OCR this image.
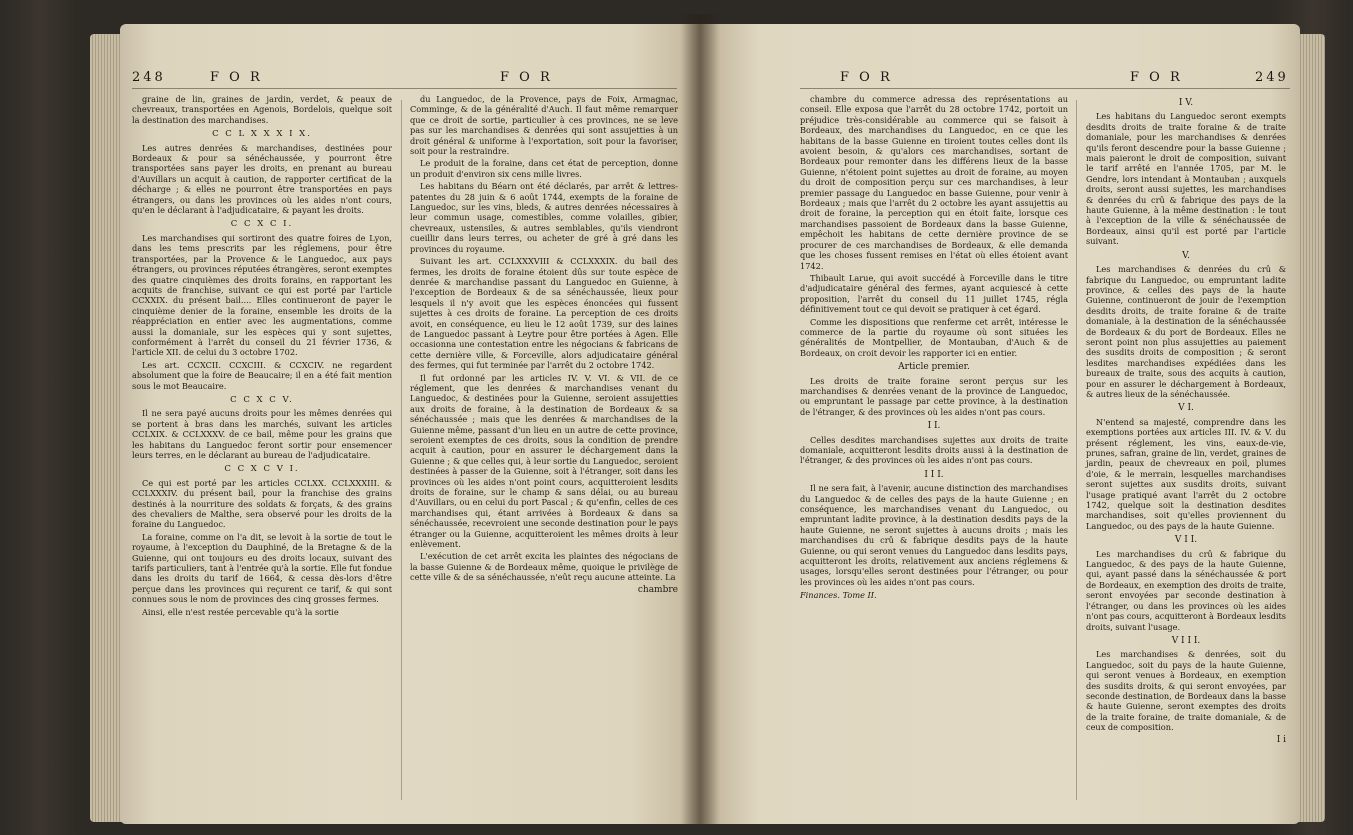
248	F O R	F O R

graine de lin, graines de jardin, verdet, & peaux de chevreaux, transportées en Agenois, Bordelois, quelque soit la destination des marchandises.

C C L X X X I X.

Les autres denrées & marchandises, destinées pour Bordeaux & pour sa sénéchaussée, y pourront être transportées sans payer les droits, en prenant au bureau d'Auvillars un acquit à caution, de rapporter certificat de la décharge ; & elles ne pourront être transportées en pays étrangers, ou dans les provinces où les aides n'ont cours, qu'en le déclarant à l'adjudicataire, & payant les droits.

C C X C I.

Les marchandises qui sortiront des quatre foires de Lyon, dans les tems prescrits par les réglemens, pour être transportées, par la Provence & le Languedoc, aux pays étrangers, ou provinces réputées étrangères, seront exemptes des quatre cinquièmes des droits forains, en rapportant les acquits de franchise, suivant ce qui est porté par l'article CCXXIX. du présent bail.... Elles continueront de payer le cinquième denier de la foraine, ensemble les droits de la réappréciation en entier avec les augmentations, comme aussi la domaniale, sur les espèces qui y sont sujettes, conformément à l'arrêt du conseil du 21 février 1736, & l'article XII. de celui du 3 octobre 1702.

Les art. CCXCII. CCXCIII. & CCXCIV. ne regardent absolument que la foire de Beaucaire; il en a été fait mention sous le mot Beaucaire.

C C X C V.

Il ne sera payé aucuns droits pour les mêmes denrées qui se portent à bras dans les marchés, suivant les articles CCLXIX. & CCLXXXV. de ce bail, même pour les grains que les habitans du Languedoc feront sortir pour ensemencer leurs terres, en le déclarant au bureau de l'adjudicataire.

C C X C V I.

Ce qui est porté par les articles CCLXX. CCLXXXIII. & CCLXXXIV. du présent bail, pour la franchise des grains destinés à la nourriture des soldats & forçats, & des grains des chevaliers de Malthe, sera observé pour les droits de la foraine du Languedoc.

La foraine, comme on l'a dit, se levoit à la sortie de tout le royaume, à l'exception du Dauphiné, de la Bretagne & de la Guienne, qui ont toujours eu des droits locaux, suivant des tarifs particuliers, tant à l'entrée qu'à la sortie. Elle fut fondue dans les droits du tarif de 1664, & cessa dès-lors d'être perçue dans les provinces qui reçurent ce tarif, & qui sont connues sous le nom de provinces des cinq grosses fermes.

Ainsi, elle n'est restée percevable qu'à la sortie

du Languedoc, de la Provence, pays de Foix, Armagnac, Comminge, & de la généralité d'Auch. Il faut même remarquer que ce droit de sortie, particulier à ces provinces, ne se leve pas sur les marchandises & denrées qui sont assujetties à un droit général & uniforme à l'exportation, soit pour la favoriser, soit pour la restraindre.

Le produit de la foraine, dans cet état de perception, donne un produit d'environ six cens mille livres.

Les habitans du Béarn ont été déclarés, par arrêt & lettres-patentes du 28 juin & 6 août 1744, exempts de la foraine de Languedoc, sur les vins, bleds, & autres denrées nécessaires à leur commun usage, comestibles, comme volailles, gibier, chevreaux, ustensiles, & autres semblables, qu'ils viendront cueillir dans leurs terres, ou acheter de gré à gré dans les provinces du royaume.

Suivant les art. CCLXXXVIII & CCLXXXIX. du bail des fermes, les droits de foraine étoient dûs sur toute espèce de denrée & marchandise passant du Languedoc en Guienne, à l'exception de Bordeaux & de sa sénéchaussée, lieux pour lesquels il n'y avoit que les espèces énoncées qui fussent sujettes à ces droits de foraine. La perception de ces droits avoit, en conséquence, eu lieu le 12 août 1739, sur des laines de Languedoc passant à Leytre pour être portées à Agen. Elle occasionna une contestation entre les négocians & fabricans de cette dernière ville, & Forceville, alors adjudicataire général des fermes, qui fut terminée par l'arrêt du 2 octobre 1742.

Il fut ordonné par les articles IV. V. VI. & VII. de ce réglement, que les denrées & marchandises venant du Languedoc, & destinées pour la Guienne, seroient assujetties aux droits de foraine, à la destination de Bordeaux & sa sénéchaussée ; mais que les denrées & marchandises de la Guienne même, passant d'un lieu en un autre de cette province, seroient exemptes de ces droits, sous la condition de prendre acquit à caution, pour en assurer le déchargement dans la Guienne ; & que celles qui, à leur sortie du Languedoc, seroient destinées à passer de la Guienne, soit à l'étranger, soit dans les provinces où les aides n'ont point cours, acquitteroient lesdits droits de foraine, sur le champ & sans délai, ou au bureau d'Auvillars, ou en celui du port Pascal ; & qu'enfin, celles de ces marchandises qui, étant arrivées à Bordeaux & dans sa sénéchaussée, recevroient une seconde destination pour le pays étranger ou la Guienne, acquitteroient les mêmes droits à leur enlèvement.

L'exécution de cet arrêt excita les plaintes des négocians de la basse Guienne & de Bordeaux même, quoique le privilège de cette ville & de sa sénéchaussée, n'eût reçu aucune atteinte. La

chambre

F O R	F O R	249

chambre du commerce adressa des représentations au conseil. Elle exposa que l'arrêt du 28 octobre 1742, portoit un préjudice très-considérable au commerce qui se faisoit à Bordeaux, des marchandises du Languedoc, en ce que les habitans de la basse Guienne en tiroient toutes celles dont ils avoient besoin, & qu'alors ces marchandises, sortant de Bordeaux pour remonter dans les différens lieux de la basse Guienne, n'étoient point sujettes au droit de foraine, au moyen du droit de composition perçu sur ces marchandises, à leur premier passage du Languedoc en basse Guienne, pour venir à Bordeaux ; mais que l'arrêt du 2 octobre les ayant assujettis au droit de foraine, la perception qui en étoit faite, lorsque ces marchandises passoient de Bordeaux dans la basse Guienne, empêchoit les habitans de cette dernière province de se procurer de ces marchandises de Bordeaux, & elle demanda que les choses fussent remises en l'état où elles étoient avant 1742.

Thibault Larue, qui avoit succédé à Forceville dans le titre d'adjudicataire général des fermes, ayant acquiescé à cette proposition, l'arrêt du conseil du 11 juillet 1745, régla définitivement tout ce qui devoit se pratiquer à cet égard.

Comme les dispositions que renferme cet arrêt, intéresse le commerce de la partie du royaume où sont situées les généralités de Montpellier, de Montauban, d'Auch & de Bordeaux, on croit devoir les rapporter ici en entier.

Article premier.

Les droits de traite foraine seront perçus sur les marchandises & denrées venant de la province de Languedoc, ou empruntant le passage par cette province, à la destination de l'étranger, & des provinces où les aides n'ont pas cours.

I I.

Celles desdites marchandises sujettes aux droits de traite domaniale, acquitteront lesdits droits aussi à la destination de l'étranger, & des provinces où les aides n'ont pas cours.

I I I.

Il ne sera fait, à l'avenir, aucune distinction des marchandises du Languedoc & de celles des pays de la haute Guienne ; en conséquence, les marchandises venant du Languedoc, ou empruntant ladite province, à la destination desdits pays de la haute Guienne, ne seront sujettes à aucuns droits ; mais les marchandises du crû & fabrique desdits pays de la haute Guienne, ou qui seront venues du Languedoc dans lesdits pays, acquitteront les droits, relativement aux anciens réglemens & usages, lorsqu'elles seront destinées pour l'étranger, ou pour les provinces où les aides n'ont pas cours.

Finances. Tome II.

I V.

Les habitans du Languedoc seront exempts desdits droits de traite foraine & de traite domaniale, pour les marchandises & denrées qu'ils feront descendre pour la basse Guienne ; mais paieront le droit de composition, suivant le tarif arrêté en l'année 1705, par M. le Gendre, lors intendant à Montauban ; auxquels droits, seront aussi sujettes, les marchandises & denrées du crû & fabrique des pays de la haute Guienne, à la même destination : le tout à l'exception de la ville & sénéchaussée de Bordeaux, ainsi qu'il est porté par l'article suivant.

V.

Les marchandises & denrées du crû & fabrique du Languedoc, ou empruntant ladite province, & celles des pays de la haute Guienne, continueront de jouir de l'exemption desdits droits, de traite foraine & de traite domaniale, à la destination de la sénéchaussée de Bordeaux & du port de Bordeaux. Elles ne seront point non plus assujetties au paiement des susdits droits de composition ; & seront lesdites marchandises expédiées dans les bureaux de traite, sous des acquits à caution, pour en assurer le déchargement à Bordeaux, & autres lieux de la sénéchaussée.

V I.

N'entend sa majesté, comprendre dans les exemptions portées aux articles III. IV. & V. du présent réglement, les vins, eaux-de-vie, prunes, safran, graine de lin, verdet, graines de jardin, peaux de chevreaux en poil, plumes d'oie, & le merrain, lesquelles marchandises seront sujettes aux susdits droits, suivant l'usage pratiqué avant l'arrêt du 2 octobre 1742, quelque soit la destination desdites marchandises, soit qu'elles proviennent du Languedoc, ou des pays de la haute Guienne.

V I I.

Les marchandises du crû & fabrique du Languedoc, & des pays de la haute Guienne, qui, ayant passé dans la sénéchaussée & port de Bordeaux, en exemption des droits de traite, seront envoyées par seconde destination à l'étranger, ou dans les provinces où les aides n'ont pas cours, acquitteront à Bordeaux lesdits droits, suivant l'usage.

V I I I.

Les marchandises & denrées, soit du Languedoc, soit du pays de la haute Guienne, qui seront venues à Bordeaux, en exemption des susdits droits, & qui seront envoyées, par seconde destination, de Bordeaux dans la basse & haute Guienne, seront exemptes des droits de la traite foraine, de traite domaniale, & de ceux de composition.

I i
